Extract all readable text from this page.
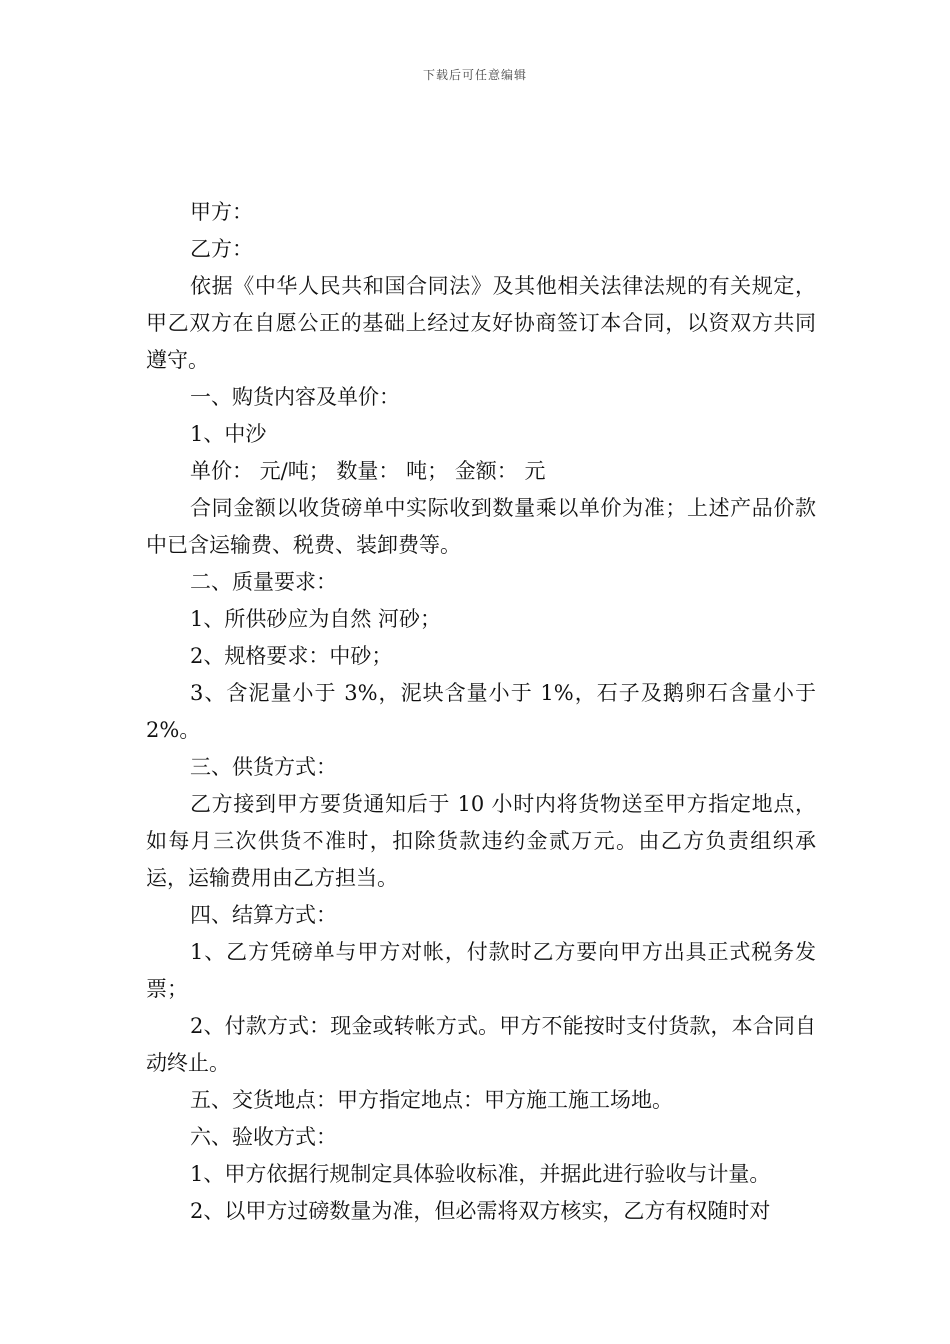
下载后可任意编辑

甲方：

乙方：

依据《中华人民共和国合同法》及其他相关法律法规的有关规定，甲乙双方在自愿公正的基础上经过友好协商签订本合同，以资双方共同遵守。

一、购货内容及单价：

1、中沙

单价： 元/吨； 数量： 吨； 金额： 元

合同金额以收货磅单中实际收到数量乘以单价为准；上述产品价款中已含运输费、税费、装卸费等。

二、质量要求：

1、所供砂应为自然 河砂；

2、规格要求：中砂；

3、含泥量小于 3%，泥块含量小于 1%，石子及鹅卵石含量小于 2%。

三、供货方式：

乙方接到甲方要货通知后于 10 小时内将货物送至甲方指定地点，如每月三次供货不准时，扣除货款违约金贰万元。由乙方负责组织承运，运输费用由乙方担当。

四、结算方式：

1、乙方凭磅单与甲方对帐，付款时乙方要向甲方出具正式税务发票；

2、付款方式：现金或转帐方式。甲方不能按时支付货款，本合同自动终止。

五、交货地点：甲方指定地点：甲方施工施工场地。

六、验收方式：

1、甲方依据行规制定具体验收标准，并据此进行验收与计量。

2、以甲方过磅数量为准，但必需将双方核实，乙方有权随时对
